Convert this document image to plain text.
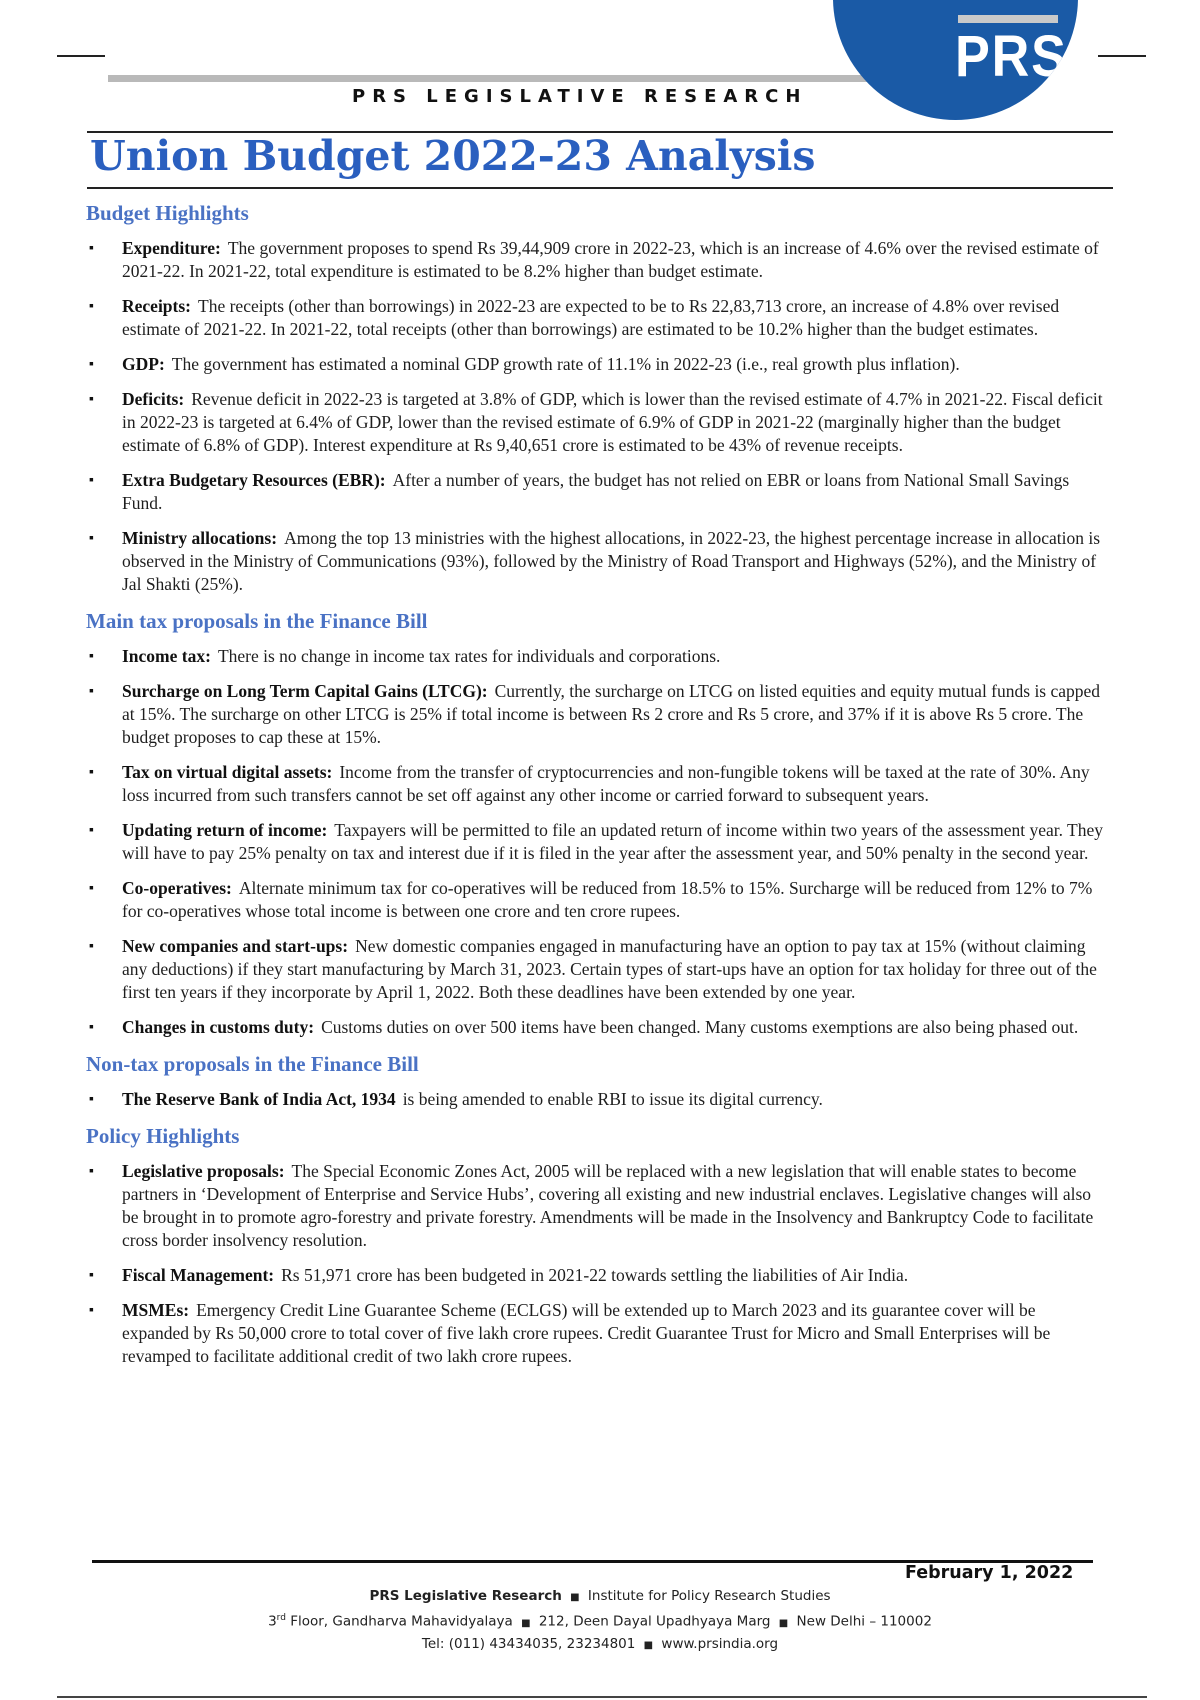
PRS LEGISLATIVE RESEARCH
PRS
Union Budget 2022-23 Analysis
Budget Highlights
▪ Expenditure: The government proposes to spend Rs 39,44,909 crore in 2022-23, which is an increase of 4.6% over the revised estimate of 2021-22. In 2021-22, total expenditure is estimated to be 8.2% higher than budget estimate.
▪ Receipts: The receipts (other than borrowings) in 2022-23 are expected to be to Rs 22,83,713 crore, an increase of 4.8% over revised estimate of 2021-22. In 2021-22, total receipts (other than borrowings) are estimated to be 10.2% higher than the budget estimates.
▪ GDP: The government has estimated a nominal GDP growth rate of 11.1% in 2022-23 (i.e., real growth plus inflation).
▪ Deficits: Revenue deficit in 2022-23 is targeted at 3.8% of GDP, which is lower than the revised estimate of 4.7% in 2021-22. Fiscal deficit in 2022-23 is targeted at 6.4% of GDP, lower than the revised estimate of 6.9% of GDP in 2021-22 (marginally higher than the budget estimate of 6.8% of GDP). Interest expenditure at Rs 9,40,651 crore is estimated to be 43% of revenue receipts.
▪ Extra Budgetary Resources (EBR): After a number of years, the budget has not relied on EBR or loans from National Small Savings Fund.
▪ Ministry allocations: Among the top 13 ministries with the highest allocations, in 2022-23, the highest percentage increase in allocation is observed in the Ministry of Communications (93%), followed by the Ministry of Road Transport and Highways (52%), and the Ministry of Jal Shakti (25%).
Main tax proposals in the Finance Bill
▪ Income tax: There is no change in income tax rates for individuals and corporations.
▪ Surcharge on Long Term Capital Gains (LTCG): Currently, the surcharge on LTCG on listed equities and equity mutual funds is capped at 15%. The surcharge on other LTCG is 25% if total income is between Rs 2 crore and Rs 5 crore, and 37% if it is above Rs 5 crore. The budget proposes to cap these at 15%.
▪ Tax on virtual digital assets: Income from the transfer of cryptocurrencies and non-fungible tokens will be taxed at the rate of 30%. Any loss incurred from such transfers cannot be set off against any other income or carried forward to subsequent years.
▪ Updating return of income: Taxpayers will be permitted to file an updated return of income within two years of the assessment year. They will have to pay 25% penalty on tax and interest due if it is filed in the year after the assessment year, and 50% penalty in the second year.
▪ Co-operatives: Alternate minimum tax for co-operatives will be reduced from 18.5% to 15%. Surcharge will be reduced from 12% to 7% for co-operatives whose total income is between one crore and ten crore rupees.
▪ New companies and start-ups: New domestic companies engaged in manufacturing have an option to pay tax at 15% (without claiming any deductions) if they start manufacturing by March 31, 2023. Certain types of start-ups have an option for tax holiday for three out of the first ten years if they incorporate by April 1, 2022. Both these deadlines have been extended by one year.
▪ Changes in customs duty: Customs duties on over 500 items have been changed. Many customs exemptions are also being phased out.
Non-tax proposals in the Finance Bill
▪ The Reserve Bank of India Act, 1934 is being amended to enable RBI to issue its digital currency.
Policy Highlights
▪ Legislative proposals: The Special Economic Zones Act, 2005 will be replaced with a new legislation that will enable states to become partners in ‘Development of Enterprise and Service Hubs’, covering all existing and new industrial enclaves. Legislative changes will also be brought in to promote agro-forestry and private forestry. Amendments will be made in the Insolvency and Bankruptcy Code to facilitate cross border insolvency resolution.
▪ Fiscal Management: Rs 51,971 crore has been budgeted in 2021-22 towards settling the liabilities of Air India.
▪ MSMEs: Emergency Credit Line Guarantee Scheme (ECLGS) will be extended up to March 2023 and its guarantee cover will be expanded by Rs 50,000 crore to total cover of five lakh crore rupees. Credit Guarantee Trust for Micro and Small Enterprises will be revamped to facilitate additional credit of two lakh crore rupees.
February 1, 2022
PRS Legislative Research ■ Institute for Policy Research Studies
3rd Floor, Gandharva Mahavidyalaya ■ 212, Deen Dayal Upadhyaya Marg ■ New Delhi – 110002
Tel: (011) 43434035, 23234801 ■ www.prsindia.org
